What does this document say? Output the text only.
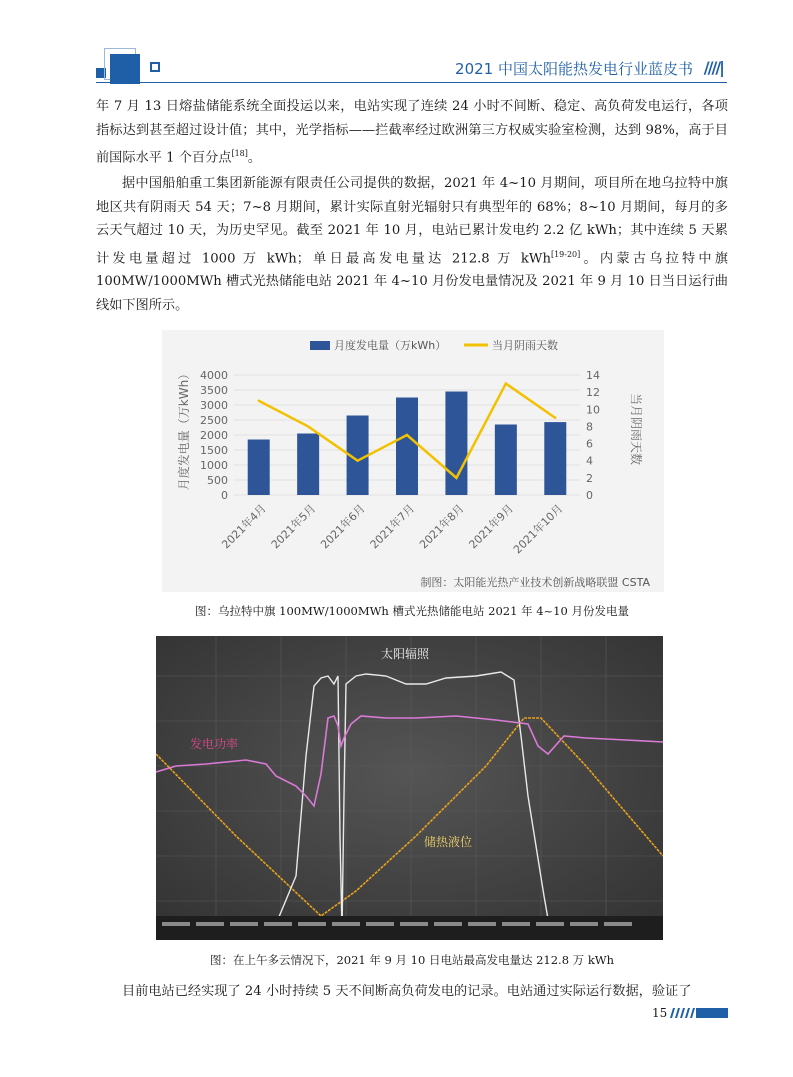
2021 中国太阳能热发电行业蓝皮书 ////|
年 7 月 13 日熔盐储能系统全面投运以来，电站实现了连续 24 小时不间断、稳定、高负荷发电运行，各项指标达到甚至超过设计值；其中，光学指标——拦截率经过欧洲第三方权威实验室检测，达到 98%，高于目前国际水平 1 个百分点[18]。
据中国船舶重工集团新能源有限责任公司提供的数据，2021 年 4~10 月期间，项目所在地乌拉特中旗地区共有阴雨天 54 天；7~8 月期间，累计实际直射光辐射只有典型年的 68%；8~10 月期间，每月的多云天气超过 10 天，为历史罕见。截至 2021 年 10 月，电站已累计发电约 2.2 亿 kWh；其中连续 5 天累计发电量超过 1000 万 kWh；单日最高发电量达 212.8 万 kWh[19-20]。内蒙古乌拉特中旗 100MW/1000MWh 槽式光热储能电站 2021 年 4~10 月份发电量情况及 2021 年 9 月 10 日当日运行曲线如下图所示。
0
500
1000
1500
2000
2500
3000
3500
4000
0
2
4
6
8
10
12
14
2021年4月 2021年5月 2021年6月 2021年7月 2021年8月 2021年9月
2021年10月
月度发电量（万kWh）	当月阴雨天数
月度发电量（万kWh）	当月阴雨天数
制图：太阳能光热产业技术创新战略联盟 CSTA
图：乌拉特中旗 100MW/1000MWh 槽式光热储能电站 2021 年 4~10 月份发电量
太阳辐照
发电功率
储热液位
图：在上午多云情况下，2021 年 9 月 10 日电站最高发电量达 212.8 万 kWh
目前电站已经实现了 24 小时持续 5 天不间断高负荷发电的记录。电站通过实际运行数据，验证了
15
